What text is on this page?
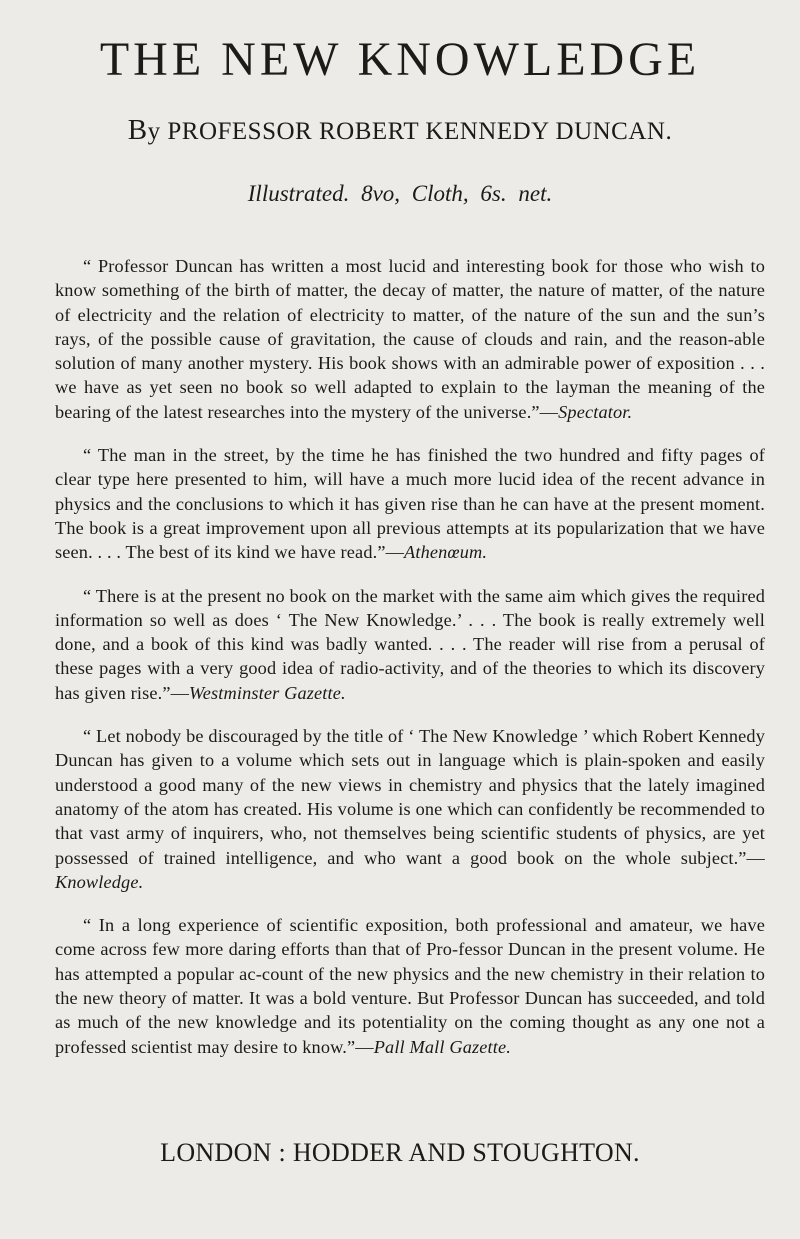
THE NEW KNOWLEDGE
By PROFESSOR ROBERT KENNEDY DUNCAN.
Illustrated. 8vo, Cloth, 6s. net.

“ Professor Duncan has written a most lucid and interesting book for those who wish to know something of the birth of matter, the decay of matter, the nature of matter, of the nature of electricity and the relation of electricity to matter, of the nature of the sun and the sun’s rays, of the possible cause of gravitation, the cause of clouds and rain, and the reason-able solution of many another mystery. His book shows with an admirable power of exposition . . . we have as yet seen no book so well adapted to explain to the layman the meaning of the bearing of the latest researches into the mystery of the universe.”—Spectator.

“ The man in the street, by the time he has finished the two hundred and fifty pages of clear type here presented to him, will have a much more lucid idea of the recent advance in physics and the conclusions to which it has given rise than he can have at the present moment. The book is a great improvement upon all previous attempts at its popularization that we have seen. . . . The best of its kind we have read.”—Athenœum.

“ There is at the present no book on the market with the same aim which gives the required information so well as does ‘ The New Knowledge.’ . . . The book is really extremely well done, and a book of this kind was badly wanted. . . . The reader will rise from a perusal of these pages with a very good idea of radio-activity, and of the theories to which its discovery has given rise.”—Westminster Gazette.

“ Let nobody be discouraged by the title of ‘ The New Knowledge ’ which Robert Kennedy Duncan has given to a volume which sets out in language which is plain-spoken and easily understood a good many of the new views in chemistry and physics that the lately imagined anatomy of the atom has created. His volume is one which can confidently be recommended to that vast army of inquirers, who, not themselves being scientific students of physics, are yet possessed of trained intelligence, and who want a good book on the whole subject.”—Knowledge.

“ In a long experience of scientific exposition, both professional and amateur, we have come across few more daring efforts than that of Pro-fessor Duncan in the present volume. He has attempted a popular ac-count of the new physics and the new chemistry in their relation to the new theory of matter. It was a bold venture. But Professor Duncan has succeeded, and told as much of the new knowledge and its potentiality on the coming thought as any one not a professed scientist may desire to know.”—Pall Mall Gazette.

LONDON : HODDER AND STOUGHTON.
